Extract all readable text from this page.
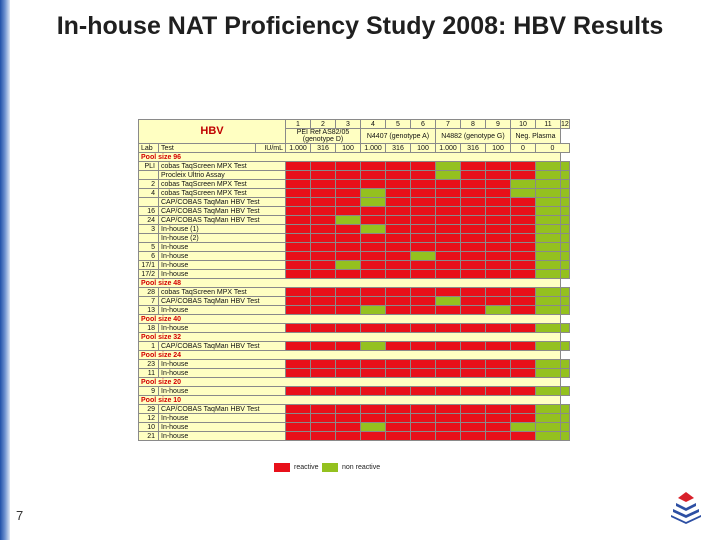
In-house NAT Proficiency Study 2008: HBV Results
HBV			1	2	3	4	5	6	7	8	9	10	11	12
			PEI Ref AS82/05 (genotype D)			N4407 (genotype A)			N4882 (genotype G)			Neg. Plasma		

Lab	Test	IU/mL	1.000	316	100	1.000	316	100	1.000	316	100	0	0	
Pool size 96														
PLI	cobas TaqScreen MPX Test													
	Procleix Ultrio Assay													
2	cobas TaqScreen MPX Test													
4	cobas TaqScreen MPX Test													
	CAP/COBAS TaqMan HBV Test													
16	CAP/COBAS TaqMan HBV Test													
24	CAP/COBAS TaqMan HBV Test													
3	In-house (1)													
	In-house (2)													
5	In-house													
6	In-house													
17/1	In-house													
17/2	In-house													
Pool size 48														
28	cobas TaqScreen MPX Test													
7	CAP/COBAS TaqMan HBV Test													
13	In-house													
Pool size 40														
18	In-house													
Pool size 32														
1	CAP/COBAS TaqMan HBV Test													
Pool size 24														
23	In-house													
11	In-house													
Pool size 20														
9	In-house													
Pool size 10														
29	CAP/COBAS TaqMan HBV Test													
12	In-house													
10	In-house													
21	In-house													
reactive	non reactive
7
